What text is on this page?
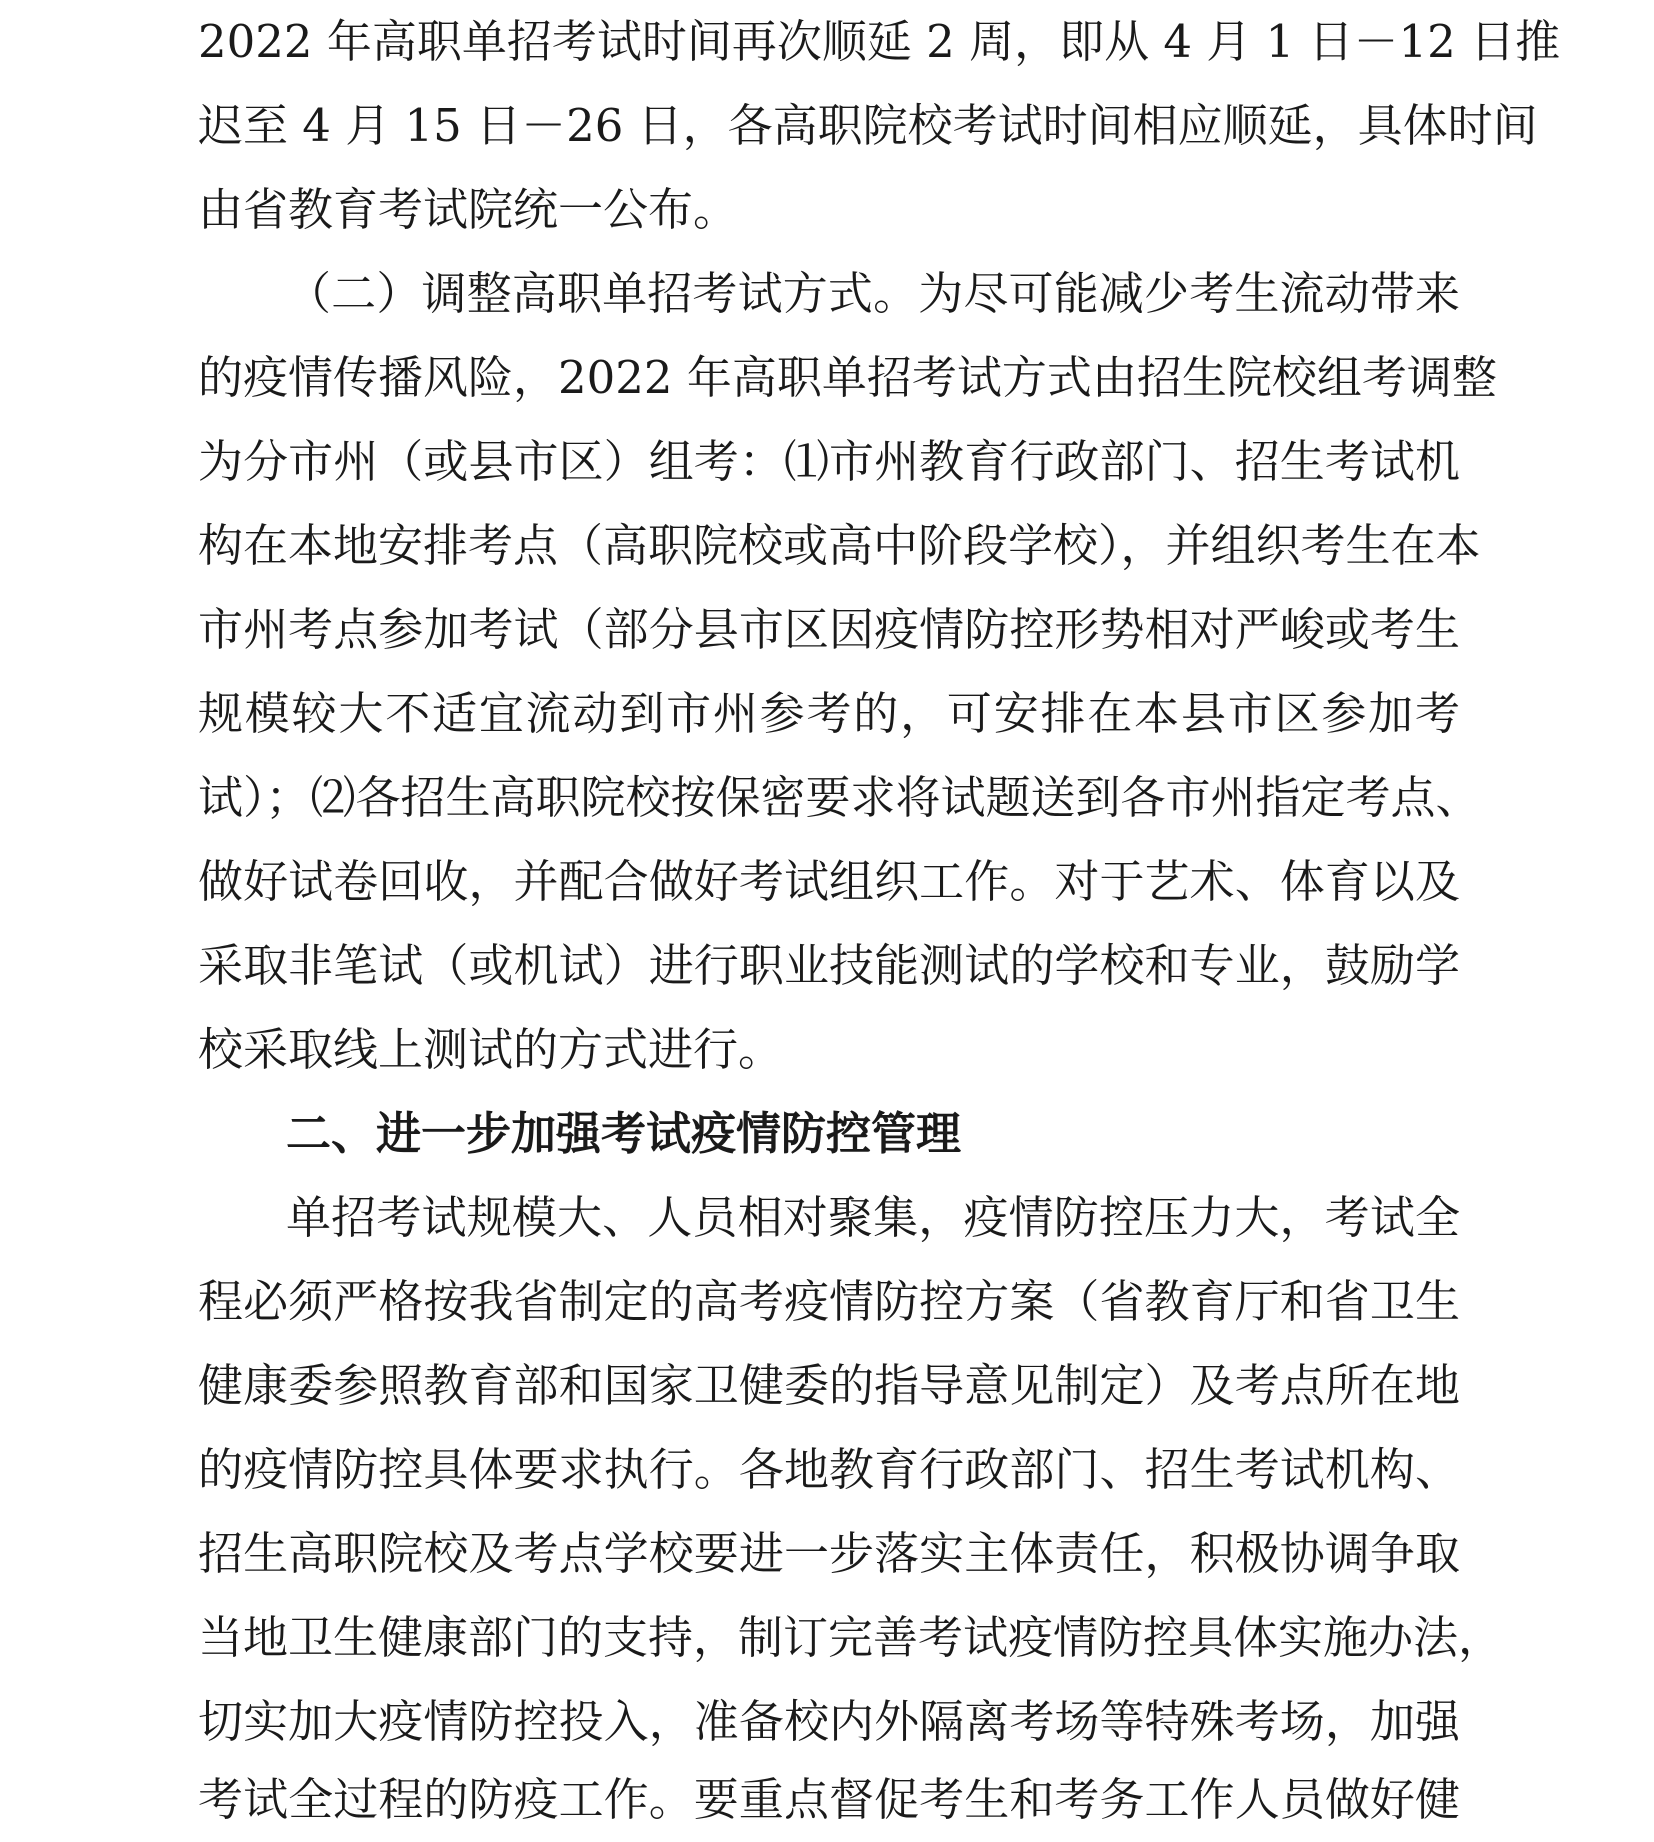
2022 年高职单招考试时间再次顺延 2 周，即从 4 月 1 日－12 日推
迟至 4 月 15 日－26 日，各高职院校考试时间相应顺延，具体时间
由省教育考试院统一公布。
（二）调整高职单招考试方式。为尽可能减少考生流动带来
的疫情传播风险，2022 年高职单招考试方式由招生院校组考调整
为分市州（或县市区）组考：⑴市州教育行政部门、招生考试机
构在本地安排考点（高职院校或高中阶段学校），并组织考生在本
市州考点参加考试（部分县市区因疫情防控形势相对严峻或考生
规模较大不适宜流动到市州参考的，可安排在本县市区参加考
试）；⑵各招生高职院校按保密要求将试题送到各市州指定考点、
做好试卷回收，并配合做好考试组织工作。对于艺术、体育以及
采取非笔试（或机试）进行职业技能测试的学校和专业，鼓励学
校采取线上测试的方式进行。
二、进一步加强考试疫情防控管理
单招考试规模大、人员相对聚集，疫情防控压力大，考试全
程必须严格按我省制定的高考疫情防控方案（省教育厅和省卫生
健康委参照教育部和国家卫健委的指导意见制定）及考点所在地
的疫情防控具体要求执行。各地教育行政部门、招生考试机构、
招生高职院校及考点学校要进一步落实主体责任，积极协调争取
当地卫生健康部门的支持，制订完善考试疫情防控具体实施办法，
切实加大疫情防控投入，准备校内外隔离考场等特殊考场，加强
考试全过程的防疫工作。要重点督促考生和考务工作人员做好健
